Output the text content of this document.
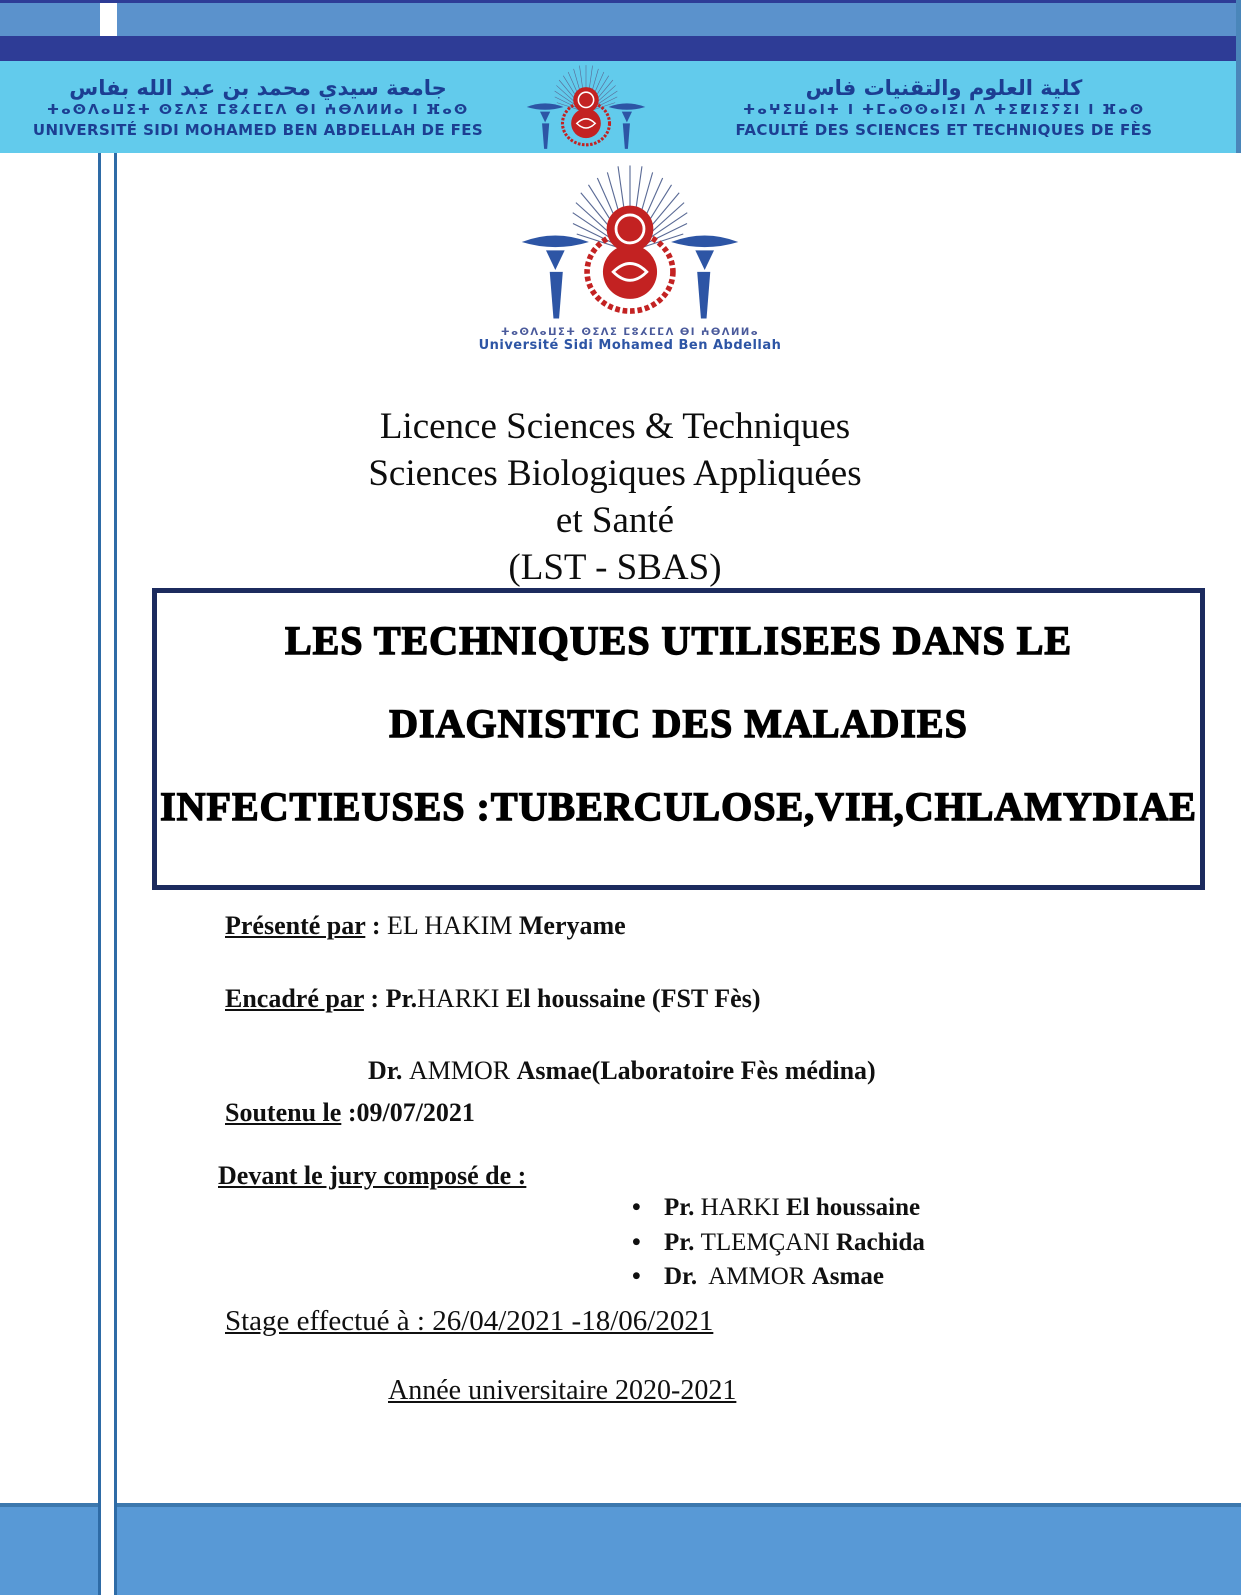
جامعة سيدي محمد بن عبد الله بفاس
ⵜⴰⵙⴷⴰⵡⵉⵜ ⵙⵉⴷⵉ ⵎⵓⵃⵎⵎⴷ ⴱⵏ ⵄⴱⴷⵍⵍⴰ ⵏ ⴼⴰⵙ
UNIVERSITÉ SIDI MOHAMED BEN ABDELLAH DE FES
كلية العلوم والتقنيات فاس
ⵜⴰⵖⵉⵡⴰⵏⵜ ⵏ ⵜⵎⴰⵙⵙⴰⵏⵉⵏ ⴷ ⵜⵉⵇⵏⵉⵢⵉⵏ ⵏ ⴼⴰⵙ
FACULTÉ DES SCIENCES ET TECHNIQUES DE FÈS
ⵜⴰⵙⴷⴰⵡⵉⵜ ⵙⵉⴷⵉ ⵎⵓⵃⵎⵎⴷ ⴱⵏ ⵄⴱⴷⵍⵍⴰ
Université Sidi Mohamed Ben Abdellah
Licence Sciences & Techniques
Sciences Biologiques Appliquées
et Santé
(LST - SBAS)
LES TECHNIQUES UTILISEES DANS LE
DIAGNISTIC DES MALADIES
INFECTIEUSES :TUBERCULOSE,VIH,CHLAMYDIAE
Présenté par : EL HAKIM Meryame
Encadré par : Pr.HARKI El houssaine (FST Fès)
Dr. AMMOR Asmae(Laboratoire Fès médina)
Soutenu le :09/07/2021
Devant le jury composé de :
• Pr. HARKI El houssaine
• Pr. TLEMÇANI Rachida
• Dr.  AMMOR Asmae
Stage effectué à : 26/04/2021 -18/06/2021
Année universitaire 2020-2021
